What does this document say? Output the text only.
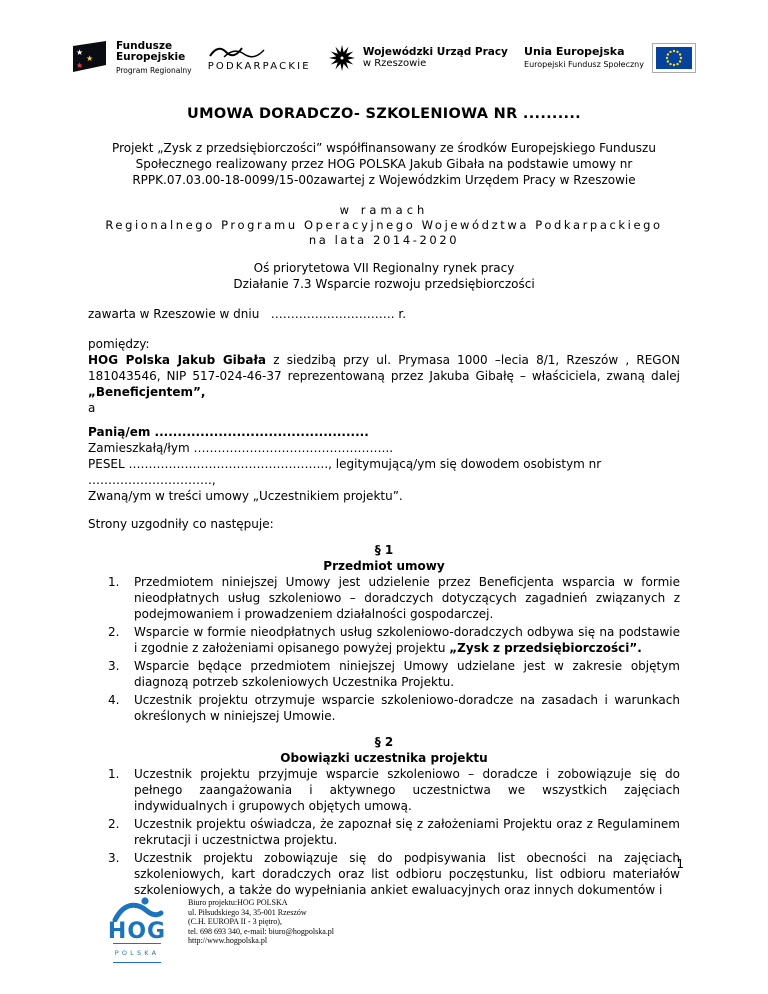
★
★
★
Fundusze
Europejskie
Program Regionalny PODKARPACKIE
Wojewódzki Urząd Pracy
w Rzeszowie
Unia Europejska
Europejski Fundusz Społeczny
UMOWA DORADCZO- SZKOLENIOWA NR ..........

Projekt „Zysk z przedsiębiorczości” współfinansowany ze środków Europejskiego Funduszu Społecznego realizowany przez HOG POLSKA Jakub Gibała na podstawie umowy nr RPPK.07.03.00-18-0099/15-00zawartej z Wojewódzkim Urzędem Pracy w Rzeszowie

w ramach

Regionalnego Programu Operacyjnego Województwa Podkarpackiego

na lata 2014-2020

Oś priorytetowa VII Regionalny rynek pracy

Działanie 7.3 Wsparcie rozwoju przedsiębiorczości

zawarta w Rzeszowie w dniu   …………………………. r.

pomiędzy:

HOG Polska Jakub Gibała z siedzibą przy ul. Prymasa 1000 –lecia 8/1, Rzeszów , REGON 181043546, NIP 517-024-46-37 reprezentowaną przez Jakuba Gibałę – właściciela, zwaną dalej „Beneficjentem”,

a

Panią/em ...............................................

Zamieszkałą/łym …………………………………………..

PESEL ………………………………………….., legitymującą/ym się dowodem osobistym nr ………………………….,

Zwaną/ym w treści umowy „Uczestnikiem projektu”.

Strony uzgodniły co następuje:

§ 1

Przedmiot umowy

1.	Przedmiotem niniejszej Umowy jest udzielenie przez Beneficjenta wsparcia w formie nieodpłatnych usług szkoleniowo – doradczych dotyczących zagadnień związanych z podejmowaniem i prowadzeniem działalności gospodarczej.
2.	Wsparcie w formie nieodpłatnych usług szkoleniowo-doradczych odbywa się na podstawie i zgodnie z założeniami opisanego powyżej projektu „Zysk z przedsiębiorczości”.
3.	Wsparcie będące przedmiotem niniejszej Umowy udzielane jest w zakresie objętym diagnozą potrzeb szkoleniowych Uczestnika Projektu.
4.	Uczestnik projektu otrzymuje wsparcie szkoleniowo-doradcze na zasadach i warunkach określonych w niniejszej Umowie.

§ 2

Obowiązki uczestnika projektu

1.	Uczestnik projektu przyjmuje wsparcie szkoleniowo – doradcze i zobowiązuje się do pełnego zaangażowania i aktywnego uczestnictwa we wszystkich zajęciach indywidualnych i grupowych objętych umową.
2.	Uczestnik projektu oświadcza, że zapoznał się z założeniami Projektu oraz z Regulaminem rekrutacji i uczestnictwa projektu.
3.	Uczestnik projektu zobowiązuje się do podpisywania list obecności na zajęciach szkoleniowych, kart doradczych oraz list odbioru poczęstunku, list odbioru materiałów szkoleniowych, a także do wypełniania ankiet ewaluacyjnych oraz innych dokumentów i
1
HOG
POLSKA
Biuro projektu:HOG POLSKA
ul. Piłsudskiego 34, 35-001 Rzeszów
(C.H. EUROPA II - 3 piętro),
tel. 698 693 340, e-mail: biuro@hogpolska.pl
http://www.hogpolska.pl
